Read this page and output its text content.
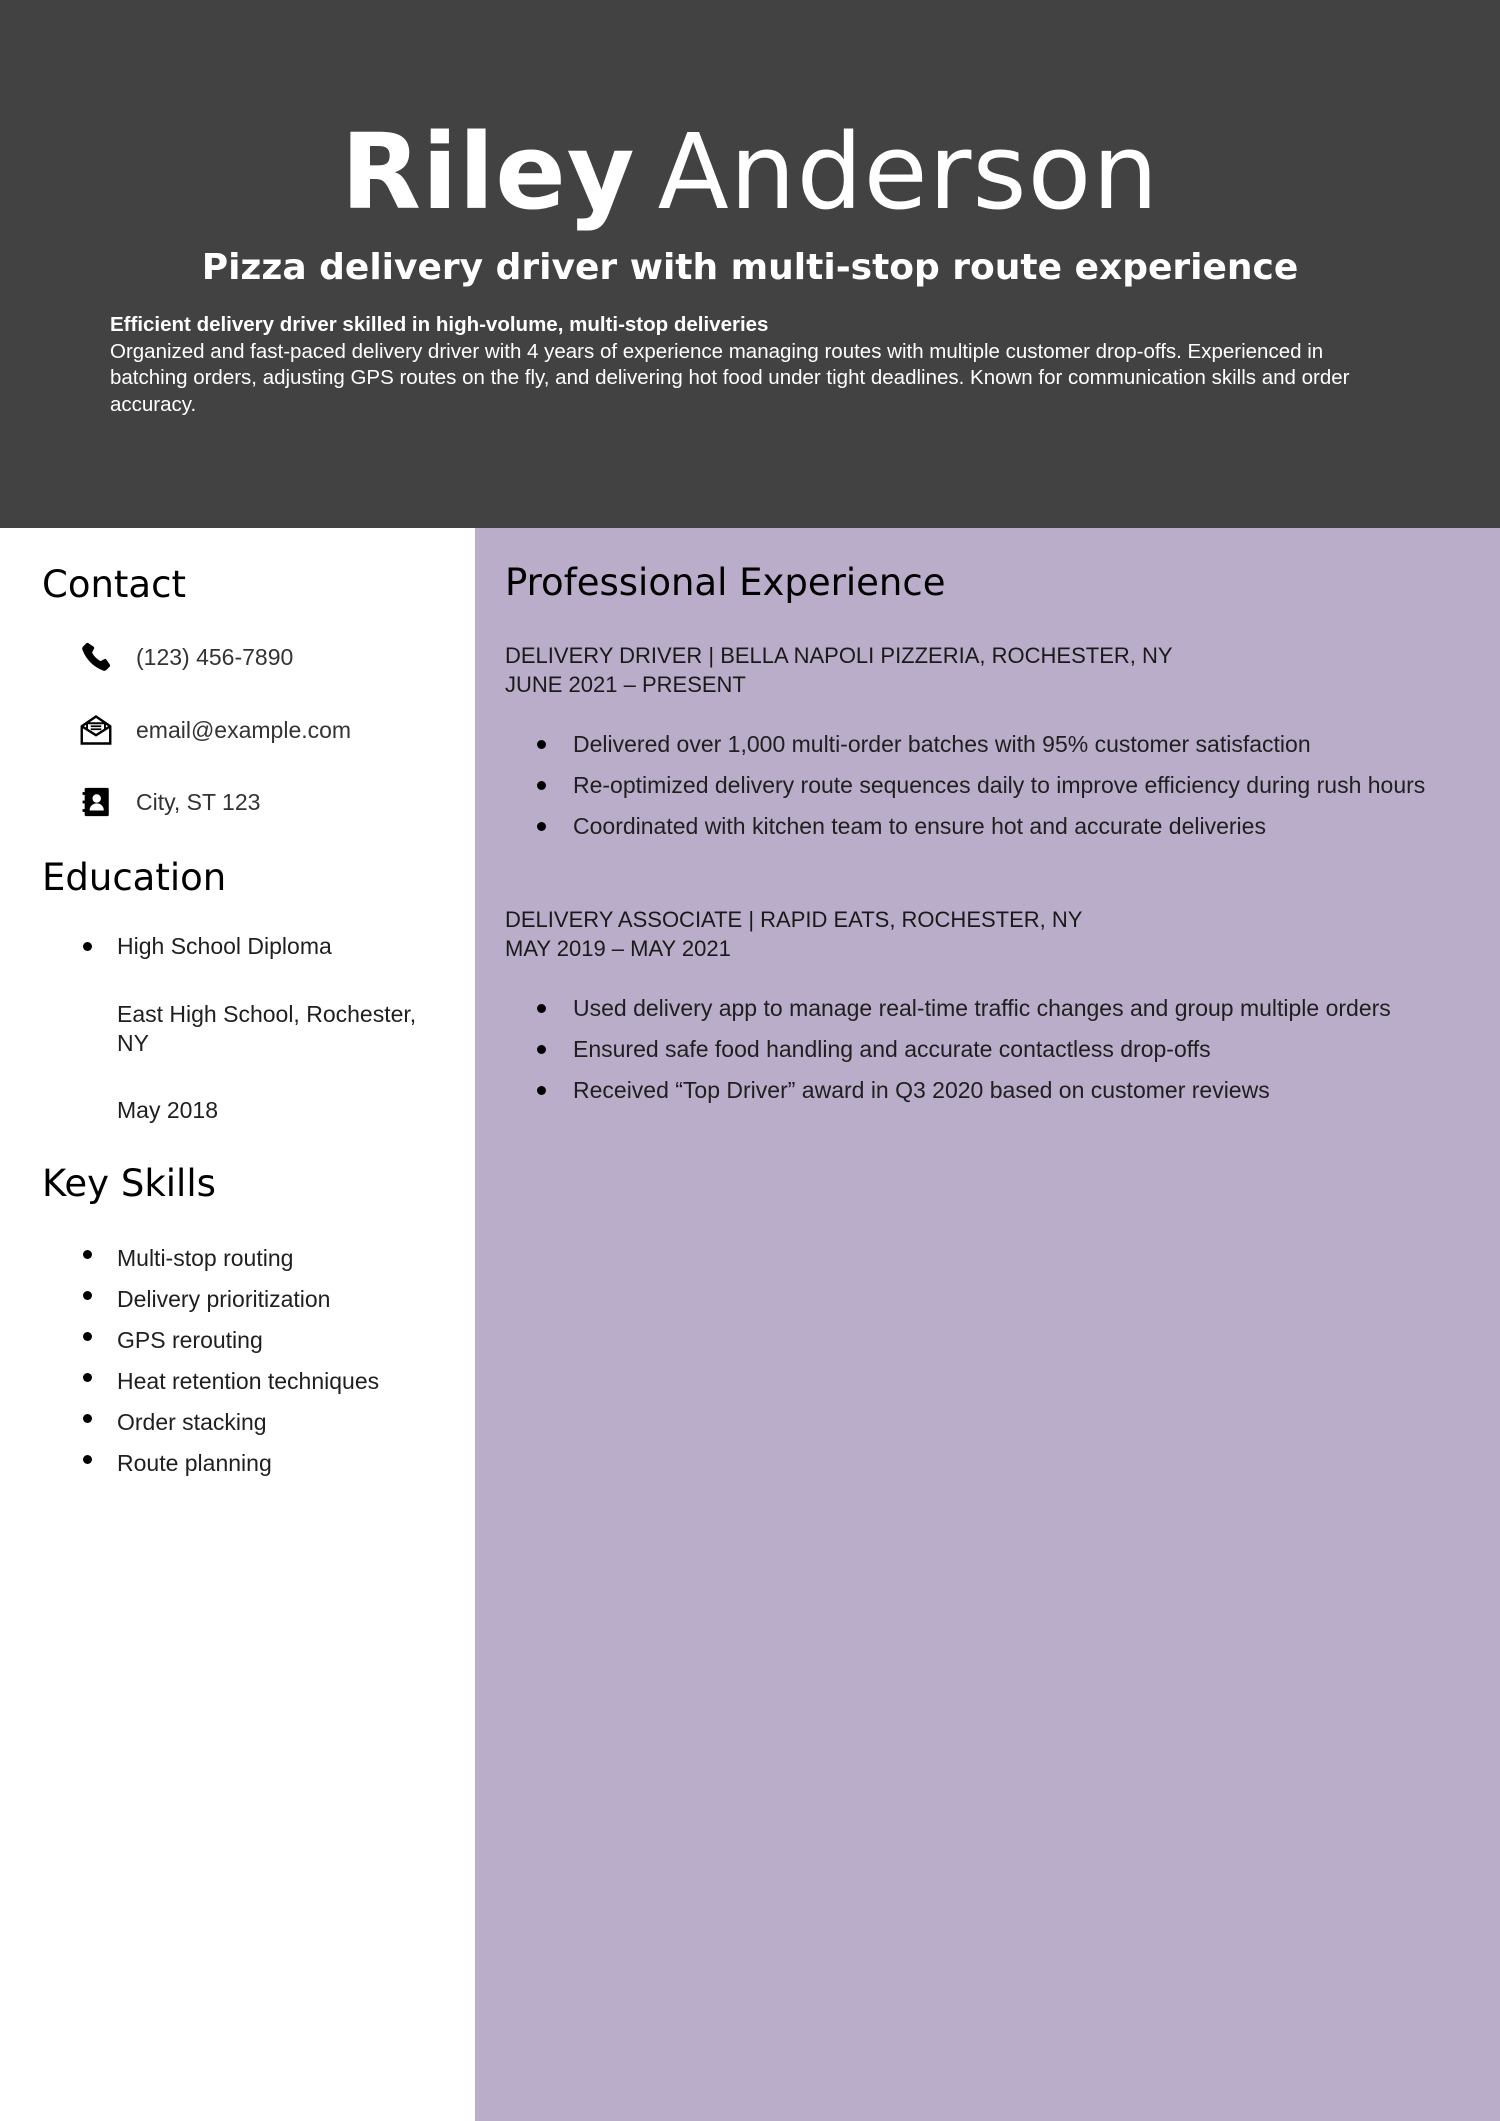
Riley Anderson
Pizza delivery driver with multi-stop route experience
Efficient delivery driver skilled in high-volume, multi-stop deliveries
Organized and fast-paced delivery driver with 4 years of experience managing routes with multiple customer drop-offs. Experienced in batching orders, adjusting GPS routes on the fly, and delivering hot food under tight deadlines. Known for communication skills and order accuracy.
Contact
(123) 456-7890
email@example.com
City, ST 123
Education
High School Diploma
East High School, Rochester, NY
May 2018
Key Skills
Multi-stop routing
Delivery prioritization
GPS rerouting
Heat retention techniques
Order stacking
Route planning
Professional Experience
DELIVERY DRIVER | BELLA NAPOLI PIZZERIA, ROCHESTER, NY
JUNE 2021 – PRESENT
Delivered over 1,000 multi-order batches with 95% customer satisfaction
Re-optimized delivery route sequences daily to improve efficiency during rush hours
Coordinated with kitchen team to ensure hot and accurate deliveries
DELIVERY ASSOCIATE | RAPID EATS, ROCHESTER, NY
MAY 2019 – MAY 2021
Used delivery app to manage real-time traffic changes and group multiple orders
Ensured safe food handling and accurate contactless drop-offs
Received “Top Driver” award in Q3 2020 based on customer reviews
